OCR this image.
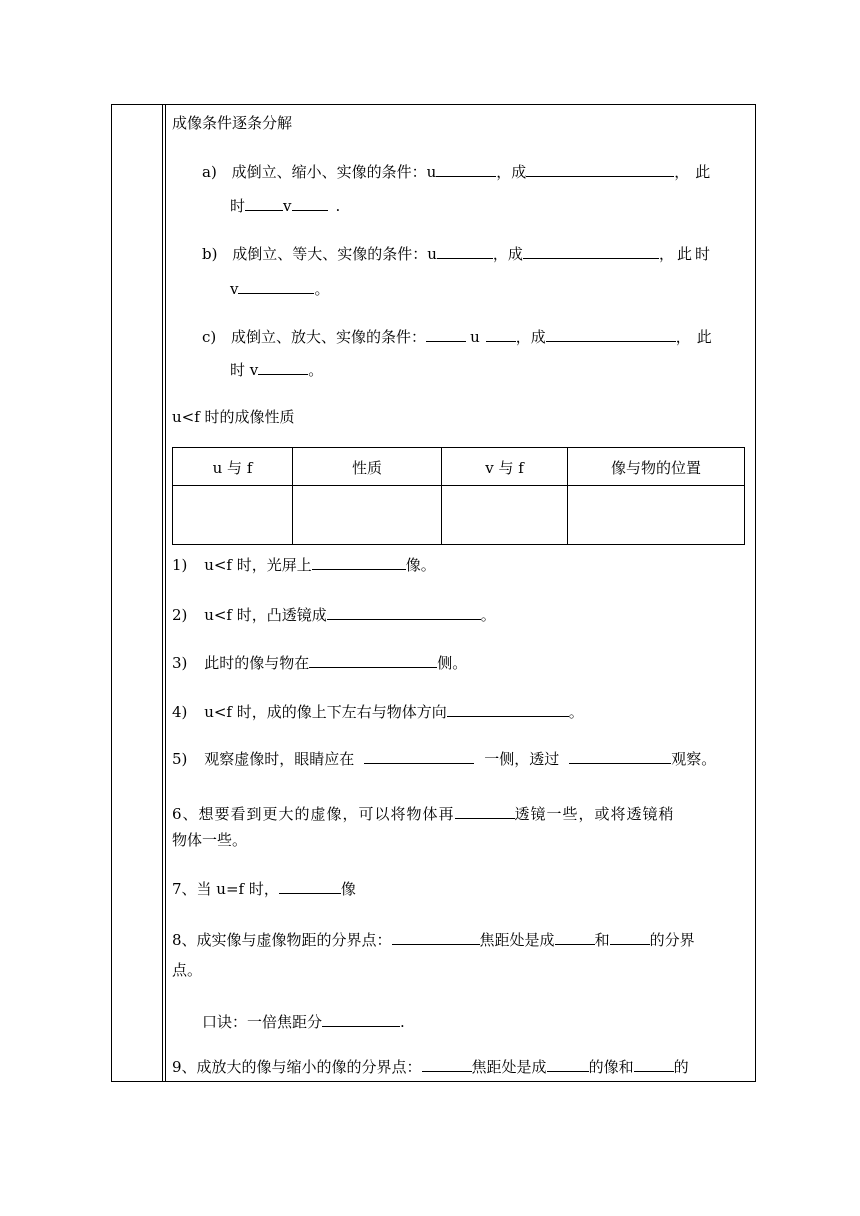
成像条件逐条分解
a) 成倒立、缩小、实像的条件：u	，成	，此
时	v	.
b) 成倒立、等大、实像的条件：u	，成	，此时
v	。
c) 成倒立、放大、实像的条件：	u ，成	，此
时 v	。
u<f 时的成像性质
u 与 f	性质	v 与 f	像与物的位置

1) u<f 时，光屏上	像。
2) u<f 时，凸透镜成	。
3) 此时的像与物在	侧。
4) u<f 时，成的像上下左右与物体方向	。
5) 观察虚像时，眼睛应在	一侧，透过	观察。
6、想要看到更大的虚像，可以将物体再	透镜一些，或将透镜稍
物体一些。
7、当 u=f 时，	像
8、成实像与虚像物距的分界点：	焦距处是成	和	的分界
点。
口诀：一倍焦距分	.
9、成放大的像与缩小的像的分界点：	焦距处是成	的像和	的
